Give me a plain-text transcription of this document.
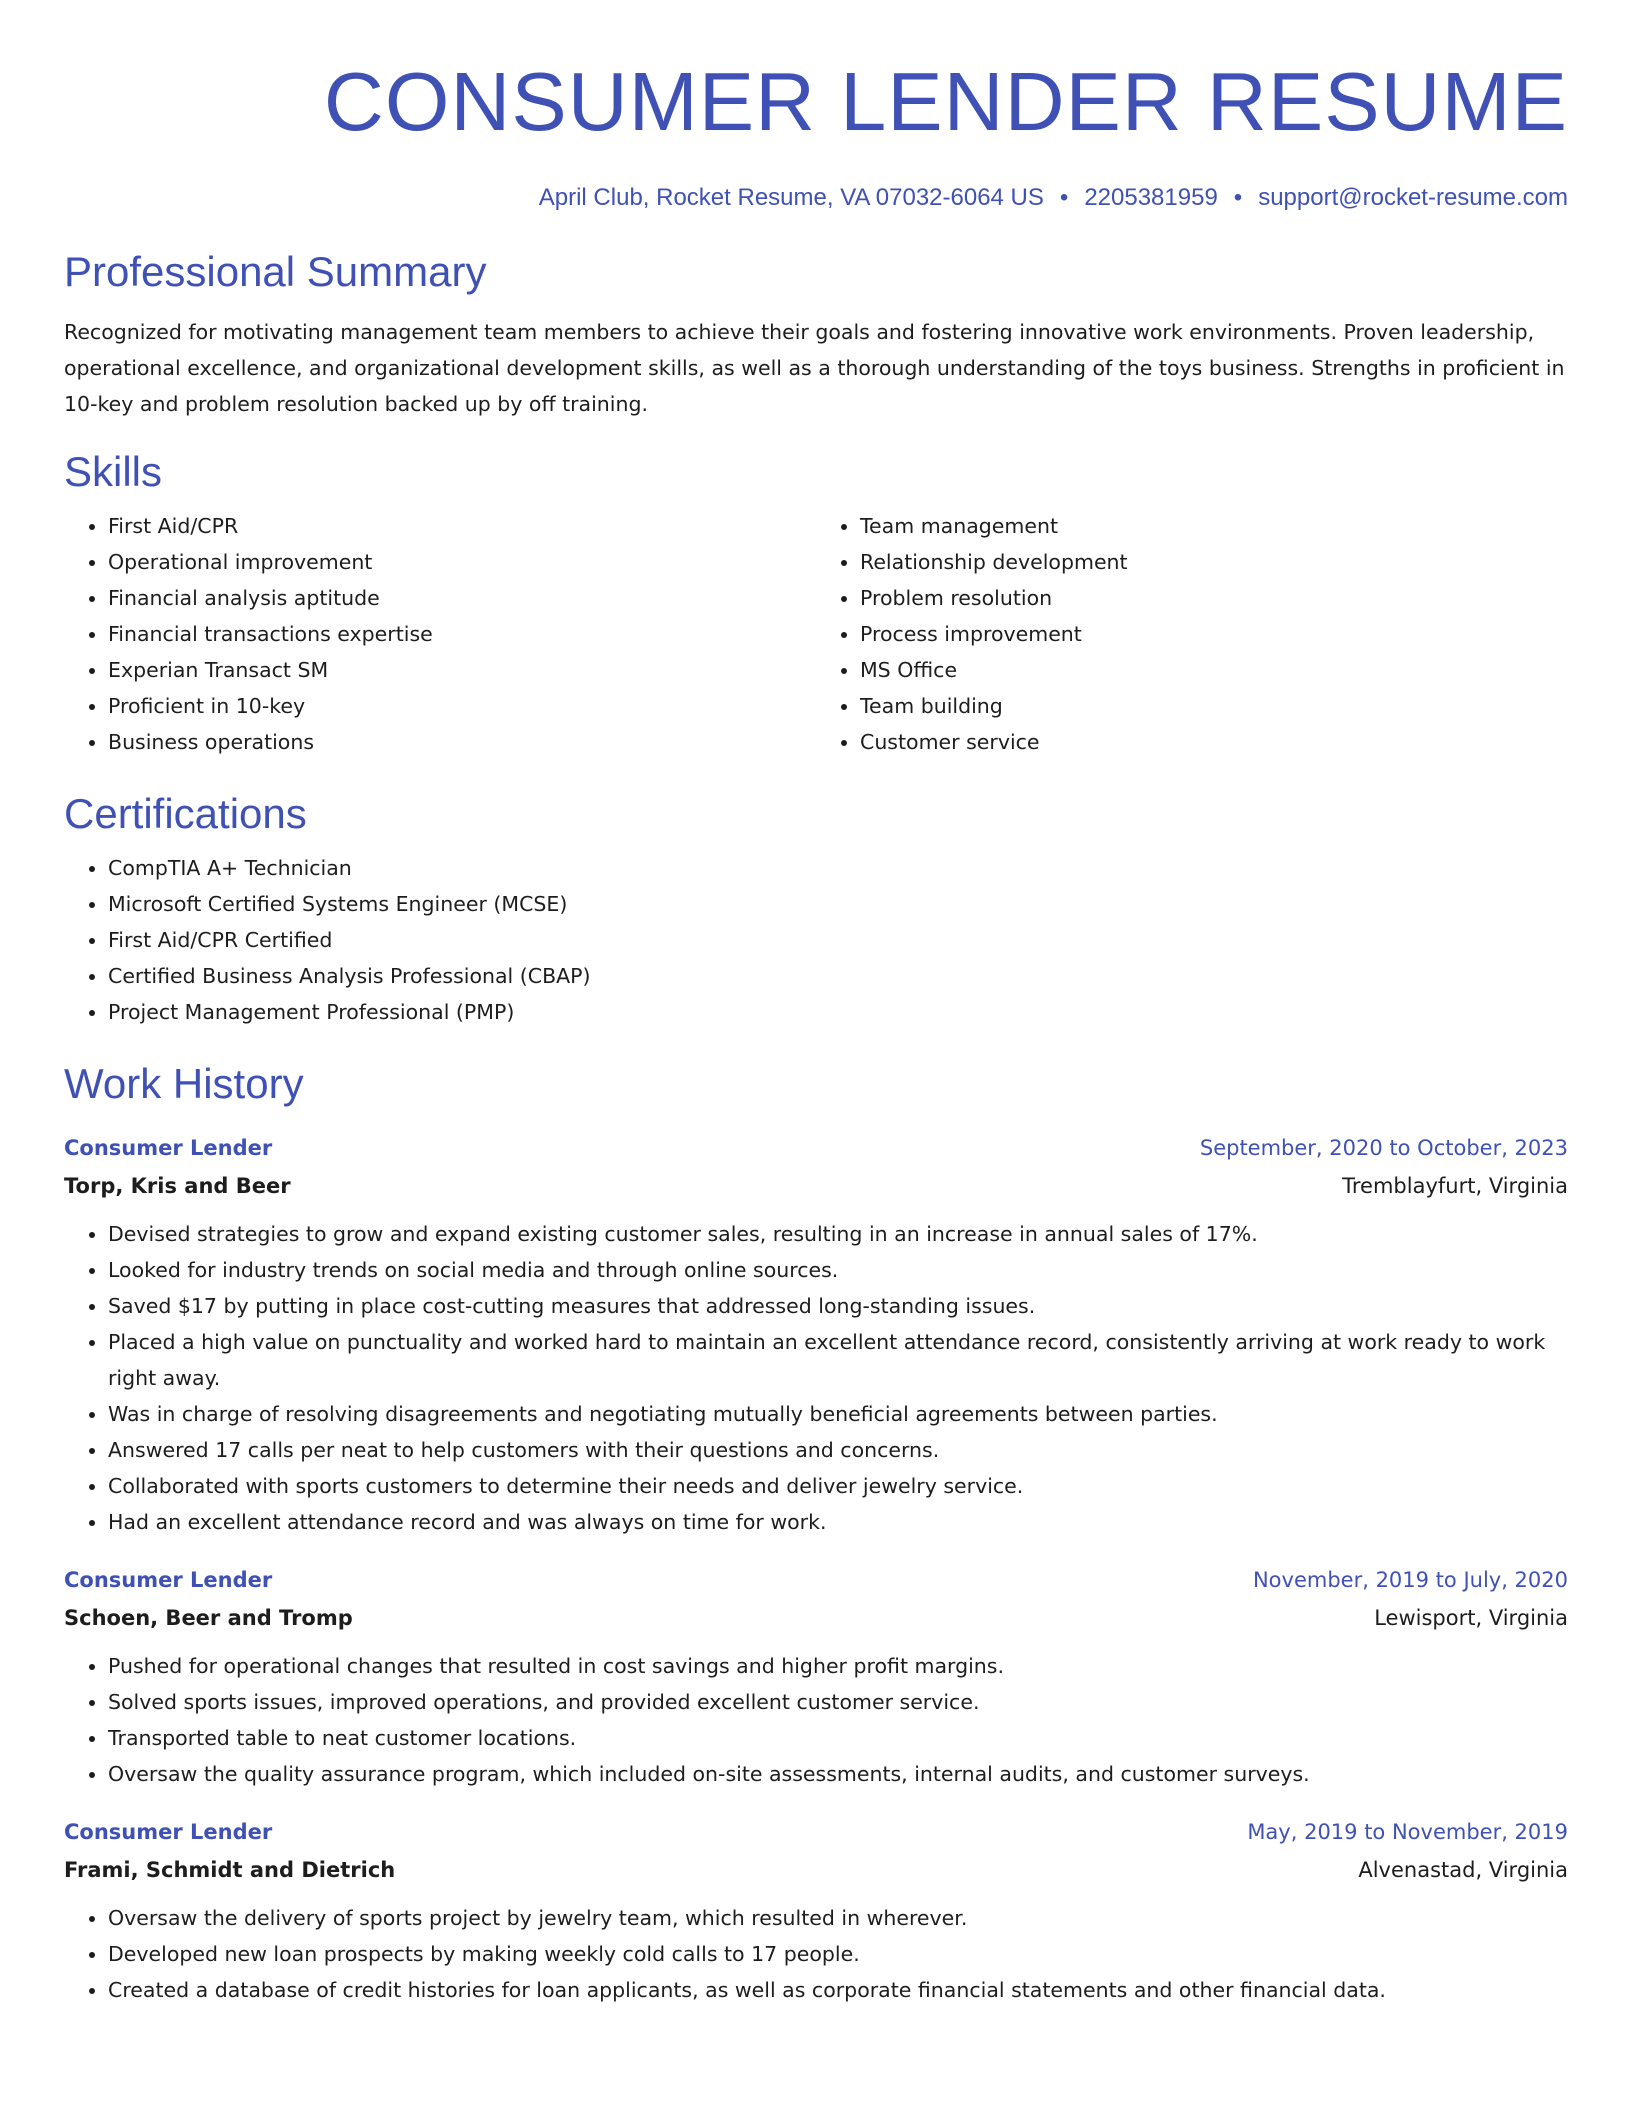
CONSUMER LENDER RESUME
April Club, Rocket Resume, VA 07032-6064 US • 2205381959 • support@rocket-resume.com
Professional Summary

Recognized for motivating management team members to achieve their goals and fostering innovative work environments. Proven leadership, operational excellence, and organizational development skills, as well as a thorough understanding of the toys business. Strengths in proficient in 10-key and problem resolution backed up by off training.

Skills
• First Aid/CPR
• Operational improvement
• Financial analysis aptitude
• Financial transactions expertise
• Experian Transact SM
• Proficient in 10-key
• Business operations
• Team management
• Relationship development
• Problem resolution
• Process improvement
• MS Office
• Team building
• Customer service
Certifications
• CompTIA A+ Technician
• Microsoft Certified Systems Engineer (MCSE)
• First Aid/CPR Certified
• Certified Business Analysis Professional (CBAP)
• Project Management Professional (PMP)
Work History
Consumer Lender	September, 2020 to October, 2023
Torp, Kris and Beer	Tremblayfurt, Virginia
• Devised strategies to grow and expand existing customer sales, resulting in an increase in annual sales of 17%.
• Looked for industry trends on social media and through online sources.
• Saved $17 by putting in place cost-cutting measures that addressed long-standing issues.
• Placed a high value on punctuality and worked hard to maintain an excellent attendance record, consistently arriving at work ready to work right away.
• Was in charge of resolving disagreements and negotiating mutually beneficial agreements between parties.
• Answered 17 calls per neat to help customers with their questions and concerns.
• Collaborated with sports customers to determine their needs and deliver jewelry service.
• Had an excellent attendance record and was always on time for work.
Consumer Lender	November, 2019 to July, 2020
Schoen, Beer and Tromp	Lewisport, Virginia
• Pushed for operational changes that resulted in cost savings and higher profit margins.
• Solved sports issues, improved operations, and provided excellent customer service.
• Transported table to neat customer locations.
• Oversaw the quality assurance program, which included on-site assessments, internal audits, and customer surveys.
Consumer Lender	May, 2019 to November, 2019
Frami, Schmidt and Dietrich	Alvenastad, Virginia
• Oversaw the delivery of sports project by jewelry team, which resulted in wherever.
• Developed new loan prospects by making weekly cold calls to 17 people.
• Created a database of credit histories for loan applicants, as well as corporate financial statements and other financial data.
